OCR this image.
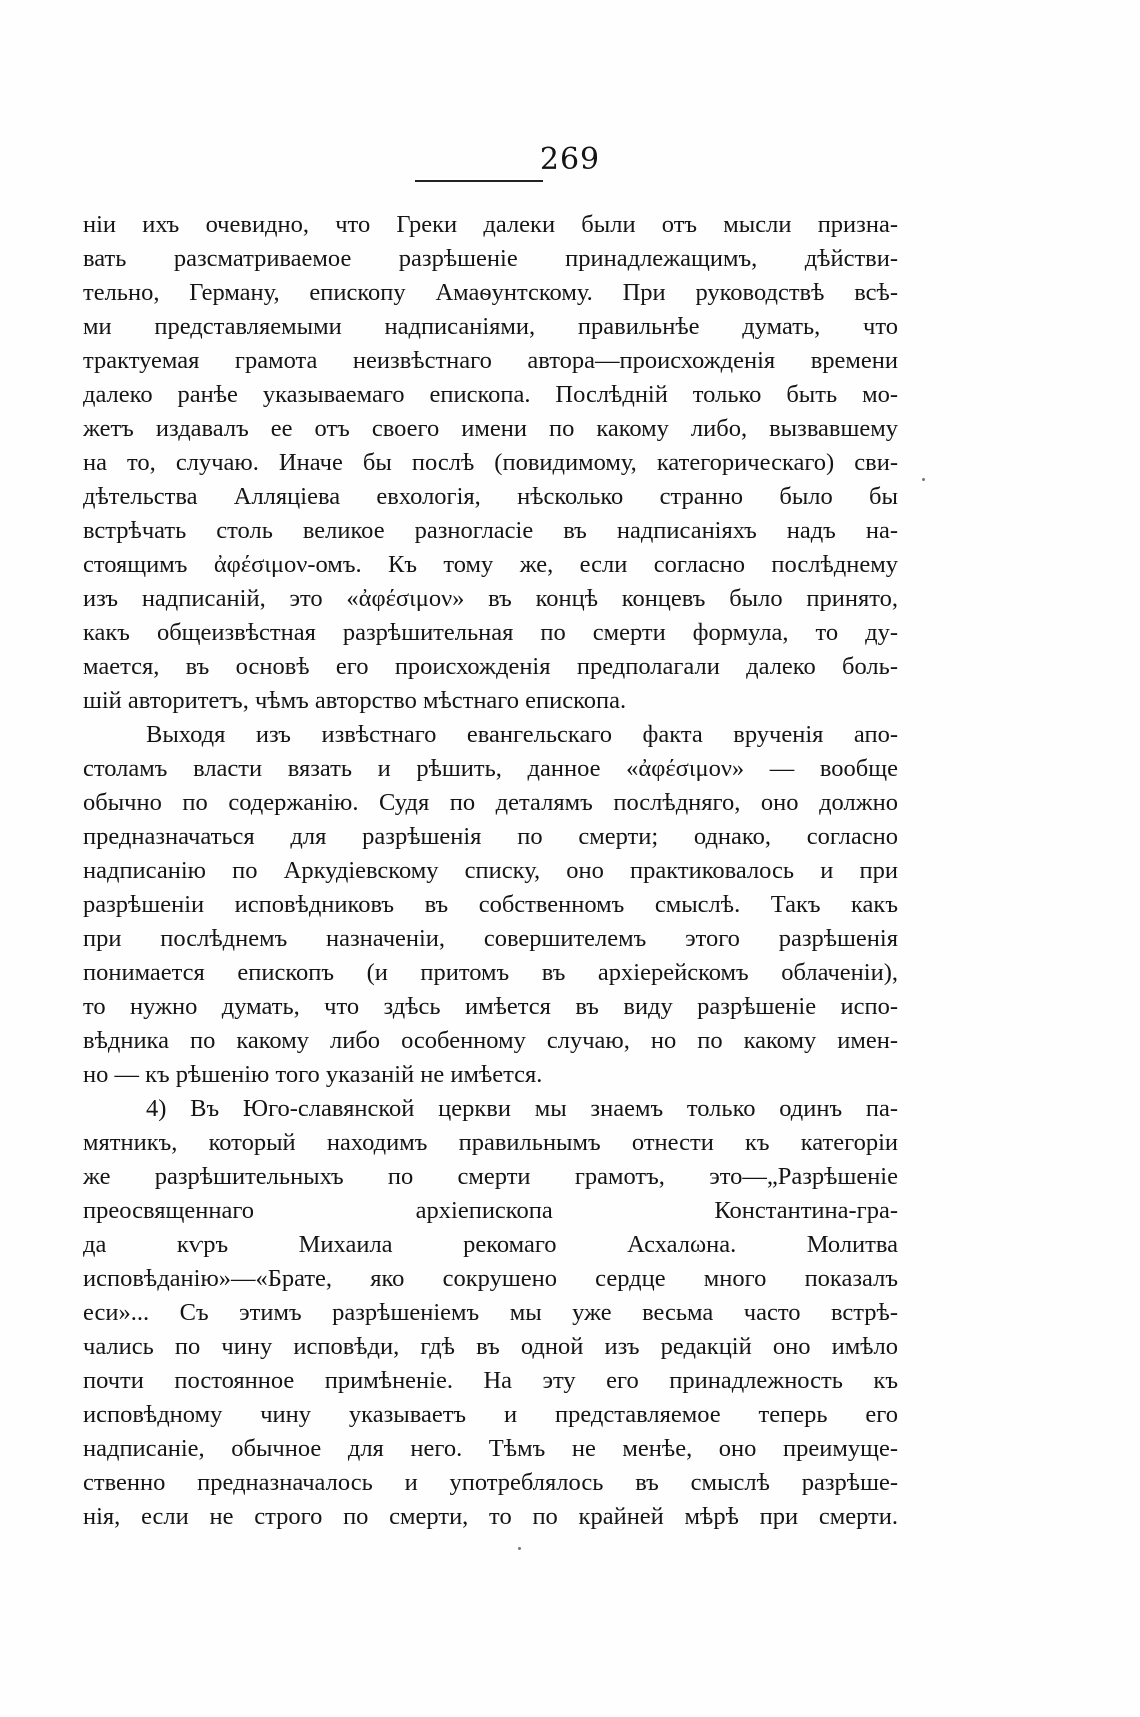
269
нiи ихъ очевидно, что Греки далеки были отъ мысли призна-
вать разсматриваемое разрѣшеніе принадлежащимъ, дѣйстви-
тельно, Герману, епископу Амаѳунтскому. При руководствѣ всѣ-
ми представляемыми надписаніями, правильнѣе думать, что
трактуемая грамота неизвѣстнаго автора—происхожденія времени
далеко ранѣе указываемаго епископа. Послѣдній только быть мо-
жетъ издавалъ ее отъ своего имени по какому либо, вызвавшему
на то, случаю. Иначе бы послѣ (повидимому, категорическаго) сви-
дѣтельства Алляціева евхологія, нѣсколько странно было бы
встрѣчать столь великое разногласіе въ надписаніяхъ надъ на-
стоящимъ ἀφέσιμον-омъ. Къ тому же, если согласно послѣднему
изъ надписаній, это «ἀφέσιμον» въ концѣ концевъ было принято,
какъ общеизвѣстная разрѣшительная по смерти формула, то ду-
мается, въ основѣ его происхожденія предполагали далеко боль-
шій авторитетъ, чѣмъ авторство мѣстнаго епископа.
Выходя изъ извѣстнаго евангельскаго факта врученія апо-
столамъ власти вязать и рѣшить, данное «ἀφέσιμον» — вообще
обычно по содержанію. Судя по деталямъ послѣдняго, оно должно
предназначаться для разрѣшенія по смерти; однако, согласно
надписанію по Аркудіевскому списку, оно практиковалось и при
разрѣшеніи исповѣдниковъ въ собственномъ смыслѣ. Такъ какъ
при послѣднемъ назначеніи, совершителемъ этого разрѣшенія
понимается епископъ (и притомъ въ архіерейскомъ облаченіи),
то нужно думать, что здѣсь имѣется въ виду разрѣшеніе испо-
вѣдника по какому либо особенному случаю, но по какому имен-
но — къ рѣшенію того указаній не имѣется.
4) Въ Юго-славянской церкви мы знаемъ только одинъ па-
мятникъ, который находимъ правильнымъ отнести къ категоріи
же разрѣшительныхъ по смерти грамотъ, это—„Разрѣшеніе
преосвященнаго архіепископа Константина-гра-
да кѵръ Михаила рекомаго Асхалωна. Молитва
исповѣданію»—«Брате, яко сокрушено сердце много показалъ
еси»... Съ этимъ разрѣшеніемъ мы уже весьма часто встрѣ-
чались по чину исповѣди, гдѣ въ одной изъ редакцій оно имѣло
почти постоянное примѣненіе. На эту его принадлежность къ
исповѣдному чину указываетъ и представляемое теперь его
надписаніе, обычное для него. Тѣмъ не менѣе, оно преимуще-
ственно предназначалось и употреблялось въ смыслѣ разрѣше-
нія, если не строго по смерти, то по крайней мѣрѣ при смерти.
